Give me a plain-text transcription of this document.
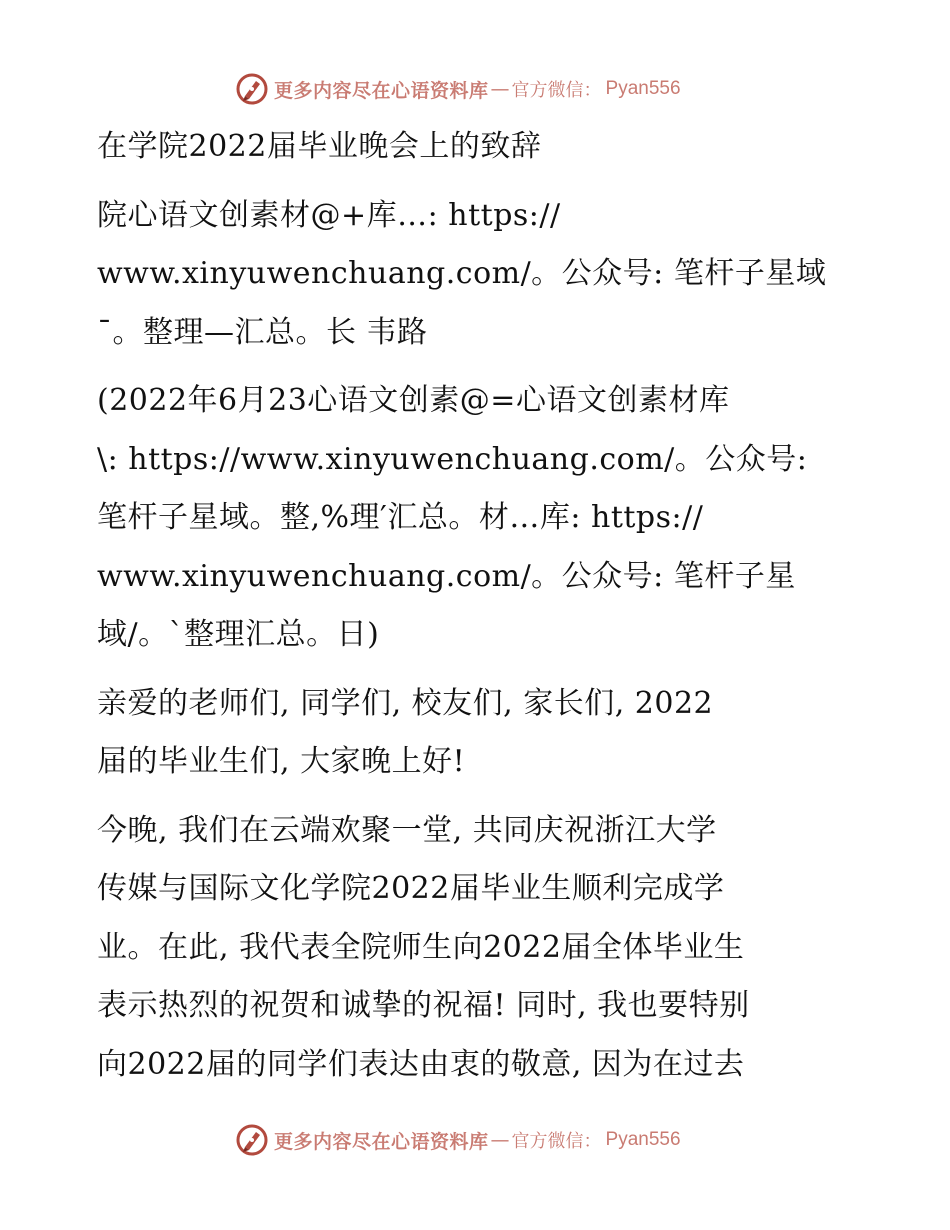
更多内容尽在心语资料库 — 官方微信： Pyan556

在学院2022届毕业晚会上的致辞

院心语文创素材@+库…: https://
www.xinyuwenchuang.com/。公众号: 笔杆子星域
¯。整理—汇总。长 韦路

(2022年6月23心语文创素@=心语文创素材库
\: https://www.xinyuwenchuang.com/。公众号:
笔杆子星域。整,%理′汇总。材…库: https://
www.xinyuwenchuang.com/。公众号: 笔杆子星
域/。`整理汇总。日)

亲爱的老师们, 同学们, 校友们, 家长们, 2022
届的毕业生们, 大家晚上好!

今晚, 我们在云端欢聚一堂, 共同庆祝浙江大学
传媒与国际文化学院2022届毕业生顺利完成学
业。在此, 我代表全院师生向2022届全体毕业生
表示热烈的祝贺和诚挚的祝福! 同时, 我也要特别
向2022届的同学们表达由衷的敬意, 因为在过去

更多内容尽在心语资料库 — 官方微信： Pyan556
